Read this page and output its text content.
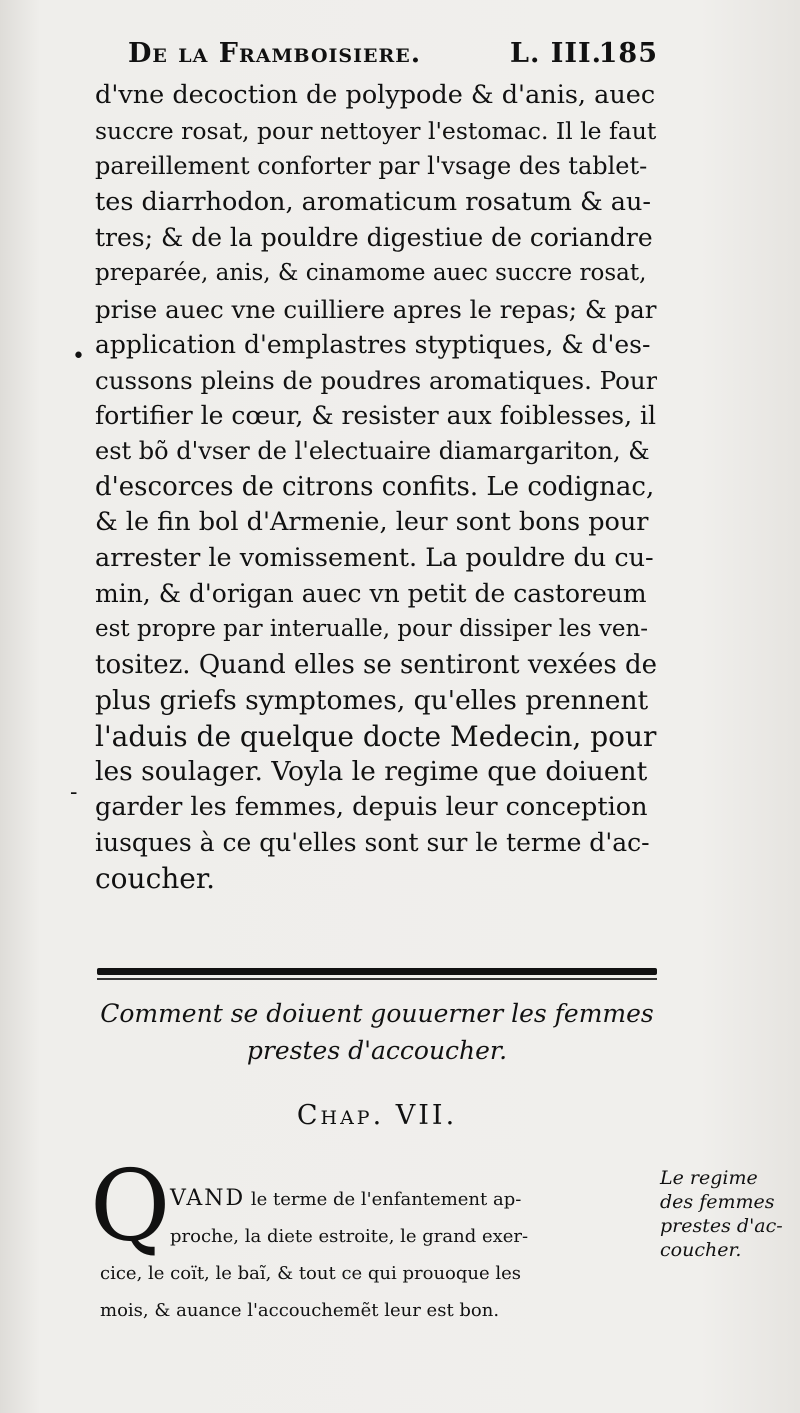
De la Framboisiere.	L. III.
185
•
-
d'vne decoction de polypode & d'anis, auec
succre rosat, pour nettoyer l'estomac. Il le faut
pareillement conforter par l'vsage des tablet-
tes diarrhodon, aromaticum rosatum & au-
tres; & de la pouldre digestiue de coriandre
preparée, anis, & cinamome auec succre rosat,
prise auec vne cuilliere apres le repas; & par
application d'emplastres styptiques, & d'es-
cussons pleins de poudres aromatiques. Pour
fortifier le cœur, & resister aux foiblesses, il
est bõ d'vser de l'electuaire diamargariton, &
d'escorces de citrons confits. Le codignac,
& le fin bol d'Armenie, leur sont bons pour
arrester le vomissement. La pouldre du cu-
min, & d'origan auec vn petit de castoreum
est propre par interualle, pour dissiper les ven-
tositez. Quand elles se sentiront vexées de
plus griefs symptomes, qu'elles prennent
l'aduis de quelque docte Medecin, pour
les soulager. Voyla le regime que doiuent
garder les femmes, depuis leur conception
iusques à ce qu'elles sont sur le terme d'ac-
coucher.
Comment se doiuent gouuerner les femmes
prestes d'accoucher.
Chap. VII.
Q VAND le terme de l'enfantement ap-
proche, la diete estroite, le grand exer-
cice, le coït, le baĩ, & tout ce qui prouoque les
mois, & auance l'accouchemẽt leur est bon.
Le regime
des femmes
prestes d'ac-
coucher.
